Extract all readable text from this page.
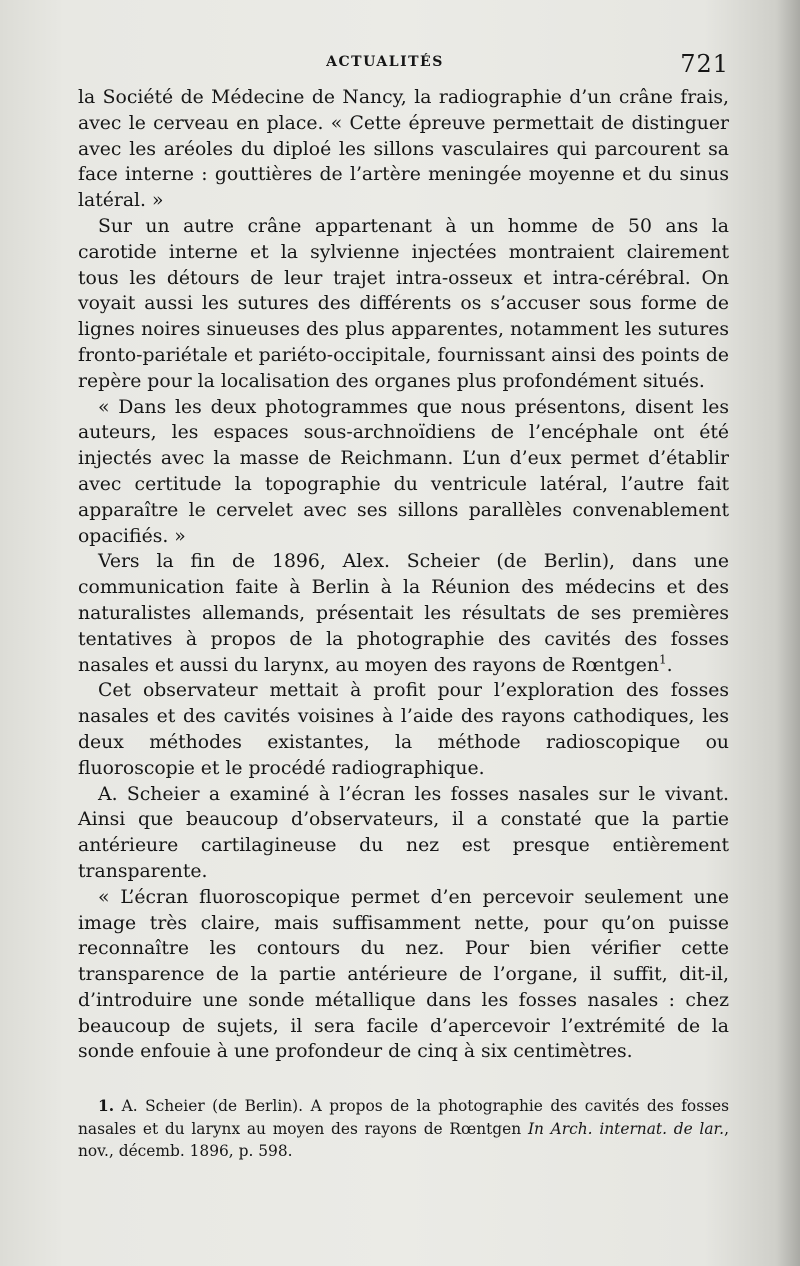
ACTUALITÉS	721

la Société de Médecine de Nancy, la radiographie d’un crâne frais, avec le cerveau en place. « Cette épreuve permettait de distinguer avec les aréoles du diploé les sillons vasculaires qui parcourent sa face interne : gouttières de l’artère meningée moyenne et du sinus latéral. »

Sur un autre crâne appartenant à un homme de 50 ans la carotide interne et la sylvienne injectées montraient clairement tous les détours de leur trajet intra-osseux et intra-cérébral. On voyait aussi les sutures des différents os s’accuser sous forme de lignes noires sinueuses des plus apparentes, notamment les sutures fronto-pariétale et pariéto-occipitale, fournissant ainsi des points de repère pour la localisation des organes plus profondément situés.

« Dans les deux photogrammes que nous présentons, disent les auteurs, les espaces sous-archnoïdiens de l’encéphale ont été injectés avec la masse de Reichmann. L’un d’eux permet d’établir avec certitude la topographie du ventricule latéral, l’autre fait apparaître le cervelet avec ses sillons parallèles convenablement opacifiés. »

Vers la fin de 1896, Alex. Scheier (de Berlin), dans une communication faite à Berlin à la Réunion des médecins et des naturalistes allemands, présentait les résultats de ses premières tentatives à propos de la photographie des cavités des fosses nasales et aussi du larynx, au moyen des rayons de Rœntgen$^1$.

Cet observateur mettait à profit pour l’exploration des fosses nasales et des cavités voisines à l’aide des rayons cathodiques, les deux méthodes existantes, la méthode radioscopique ou fluoroscopie et le procédé radiographique.

A. Scheier a examiné à l’écran les fosses nasales sur le vivant. Ainsi que beaucoup d’observateurs, il a constaté que la partie antérieure cartilagineuse du nez est presque entièrement transparente.

« L’écran fluoroscopique permet d’en percevoir seulement une image très claire, mais suffisamment nette, pour qu’on puisse reconnaître les contours du nez. Pour bien vérifier cette transparence de la partie antérieure de l’organe, il suffit, dit-il, d’introduire une sonde métallique dans les fosses nasales : chez beaucoup de sujets, il sera facile d’apercevoir l’extrémité de la sonde enfouie à une profondeur de cinq à six centimètres.

1. A. Scheier (de Berlin). A propos de la photographie des cavités des fosses nasales et du larynx au moyen des rayons de Rœntgen In Arch. internat. de lar., nov., décemb. 1896, p. 598.
